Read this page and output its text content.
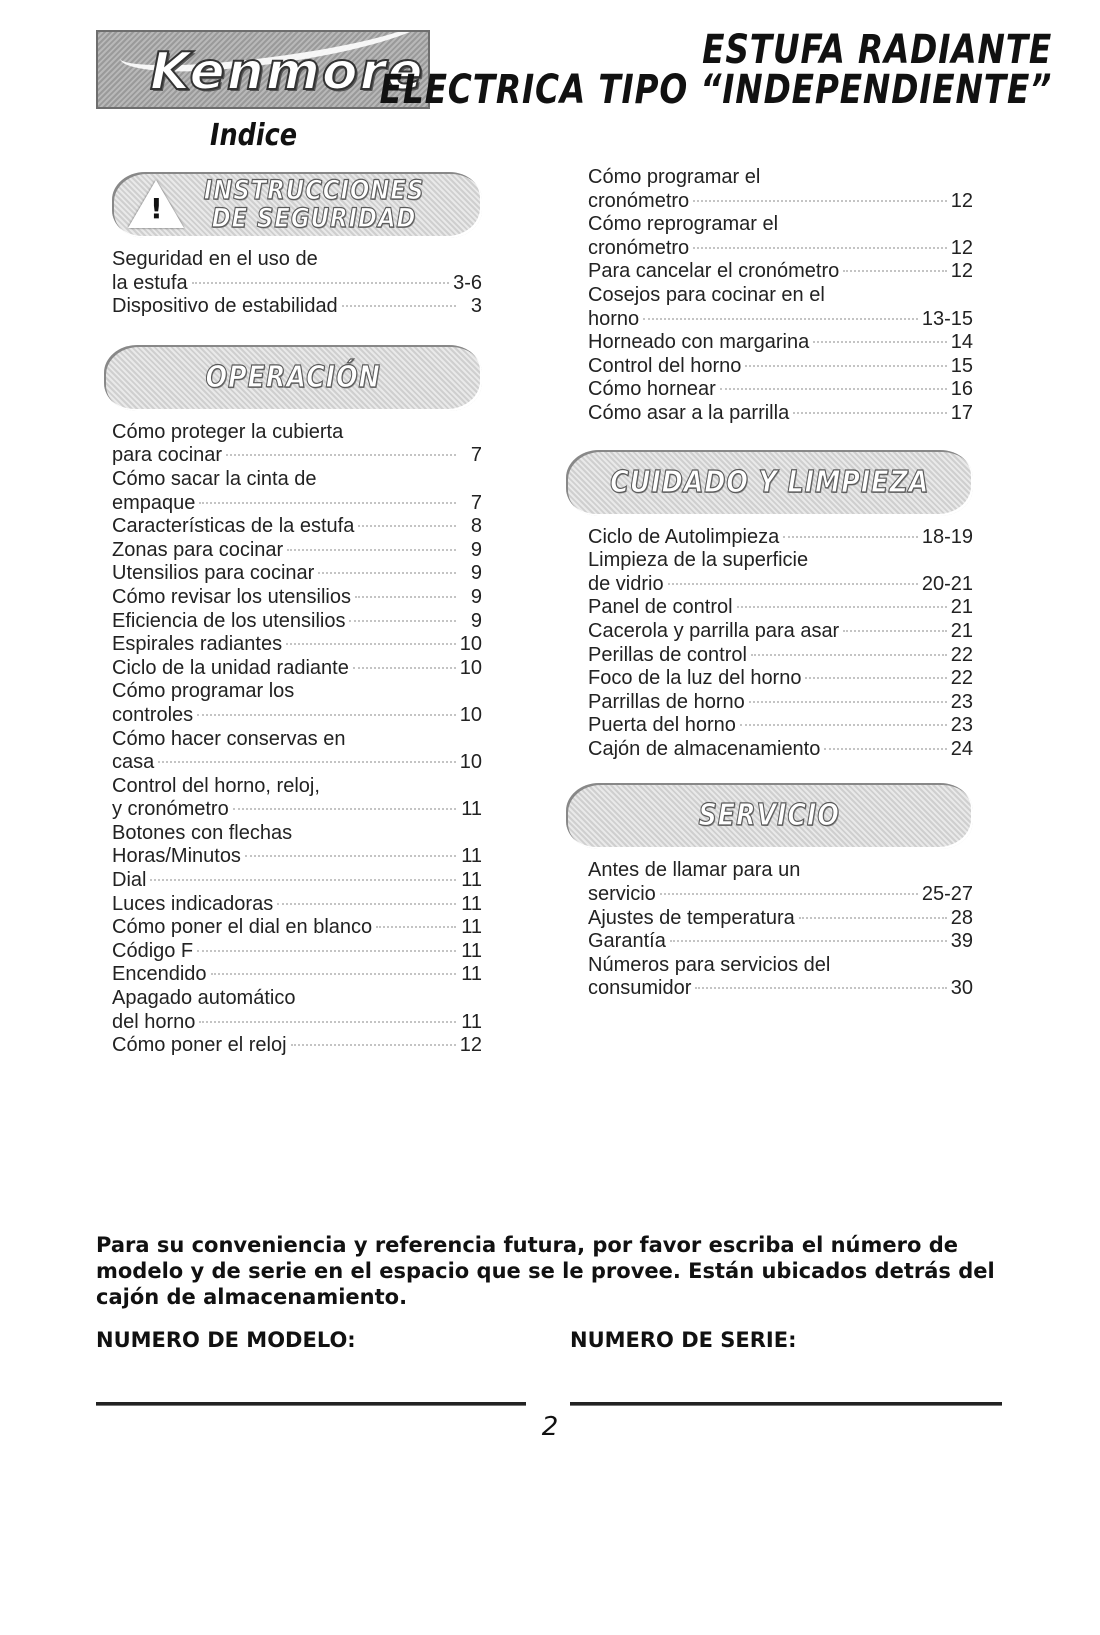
Kenmore	ESTUFA RADIANTE
ELECTRICA TIPO “INDEPENDIENTE”
Indice
!
INSTRUCCIONES DE SEGURIDAD
Seguridad en el uso de
la estufa	3-6
Dispositivo de estabilidad	3
OPERACIÓN
Cómo proteger la cubierta
para cocinar	7
Cómo sacar la cinta de
empaque	7
Características de la estufa	8
Zonas para cocinar	9
Utensilios para cocinar	9
Cómo revisar los utensilios	9
Eficiencia de los utensilios	9
Espirales radiantes	10
Ciclo de la unidad radiante	10
Cómo programar los
controles	10
Cómo hacer conservas en
casa	10
Control del horno, reloj,
y cronómetro	11
Botones con flechas
Horas/Minutos	11
Dial	11
Luces indicadoras	11
Cómo poner el dial en blanco	11
Código F	11
Encendido	11
Apagado automático
del horno	11
Cómo poner el reloj	12
Cómo programar el
cronómetro	12
Cómo reprogramar el
cronómetro	12
Para cancelar el cronómetro	12
Cosejos para cocinar en el
horno	13-15
Horneado con margarina	14
Control del horno	15
Cómo hornear	16
Cómo asar a la parrilla	17
CUIDADO Y LIMPIEZA
Ciclo de Autolimpieza	18-19
Limpieza de la superficie
de vidrio	20-21
Panel de control	21
Cacerola y parrilla para asar	21
Perillas de control	22
Foco de la luz del horno	22
Parrillas de horno	23
Puerta del horno	23
Cajón de almacenamiento	24
SERVICIO
Antes de llamar para un
servicio	25-27
Ajustes de temperatura	28
Garantía	39
Números para servicios del
consumidor	30
Para su conveniencia y referencia futura, por favor escriba el número de modelo y de serie en el espacio que se le provee. Están ubicados detrás del cajón de almacenamiento.
NUMERO DE MODELO:	NUMERO DE SERIE:
2
